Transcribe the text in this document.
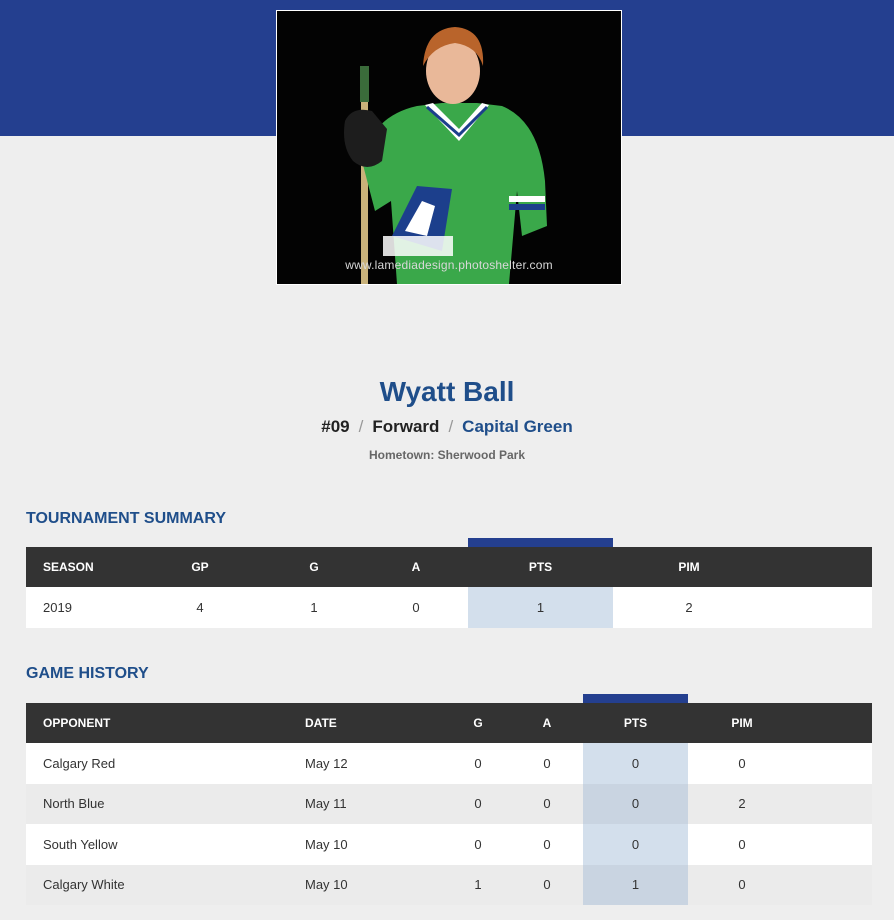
www.lamediadesign.photoshelter.com
Wyatt Ball
#09 / Forward / Capital Green
Hometown: Sherwood Park
TOURNAMENT SUMMARY
SEASON	GP	G	A	PTS	PIM
2019	4	1	0	1	2
GAME HISTORY
OPPONENT	DATE	G	A	PTS	PIM
Calgary Red	May 12	0	0	0	0
North Blue	May 11	0	0	0	2
South Yellow	May 10	0	0	0	0
Calgary White	May 10	1	0	1	0
